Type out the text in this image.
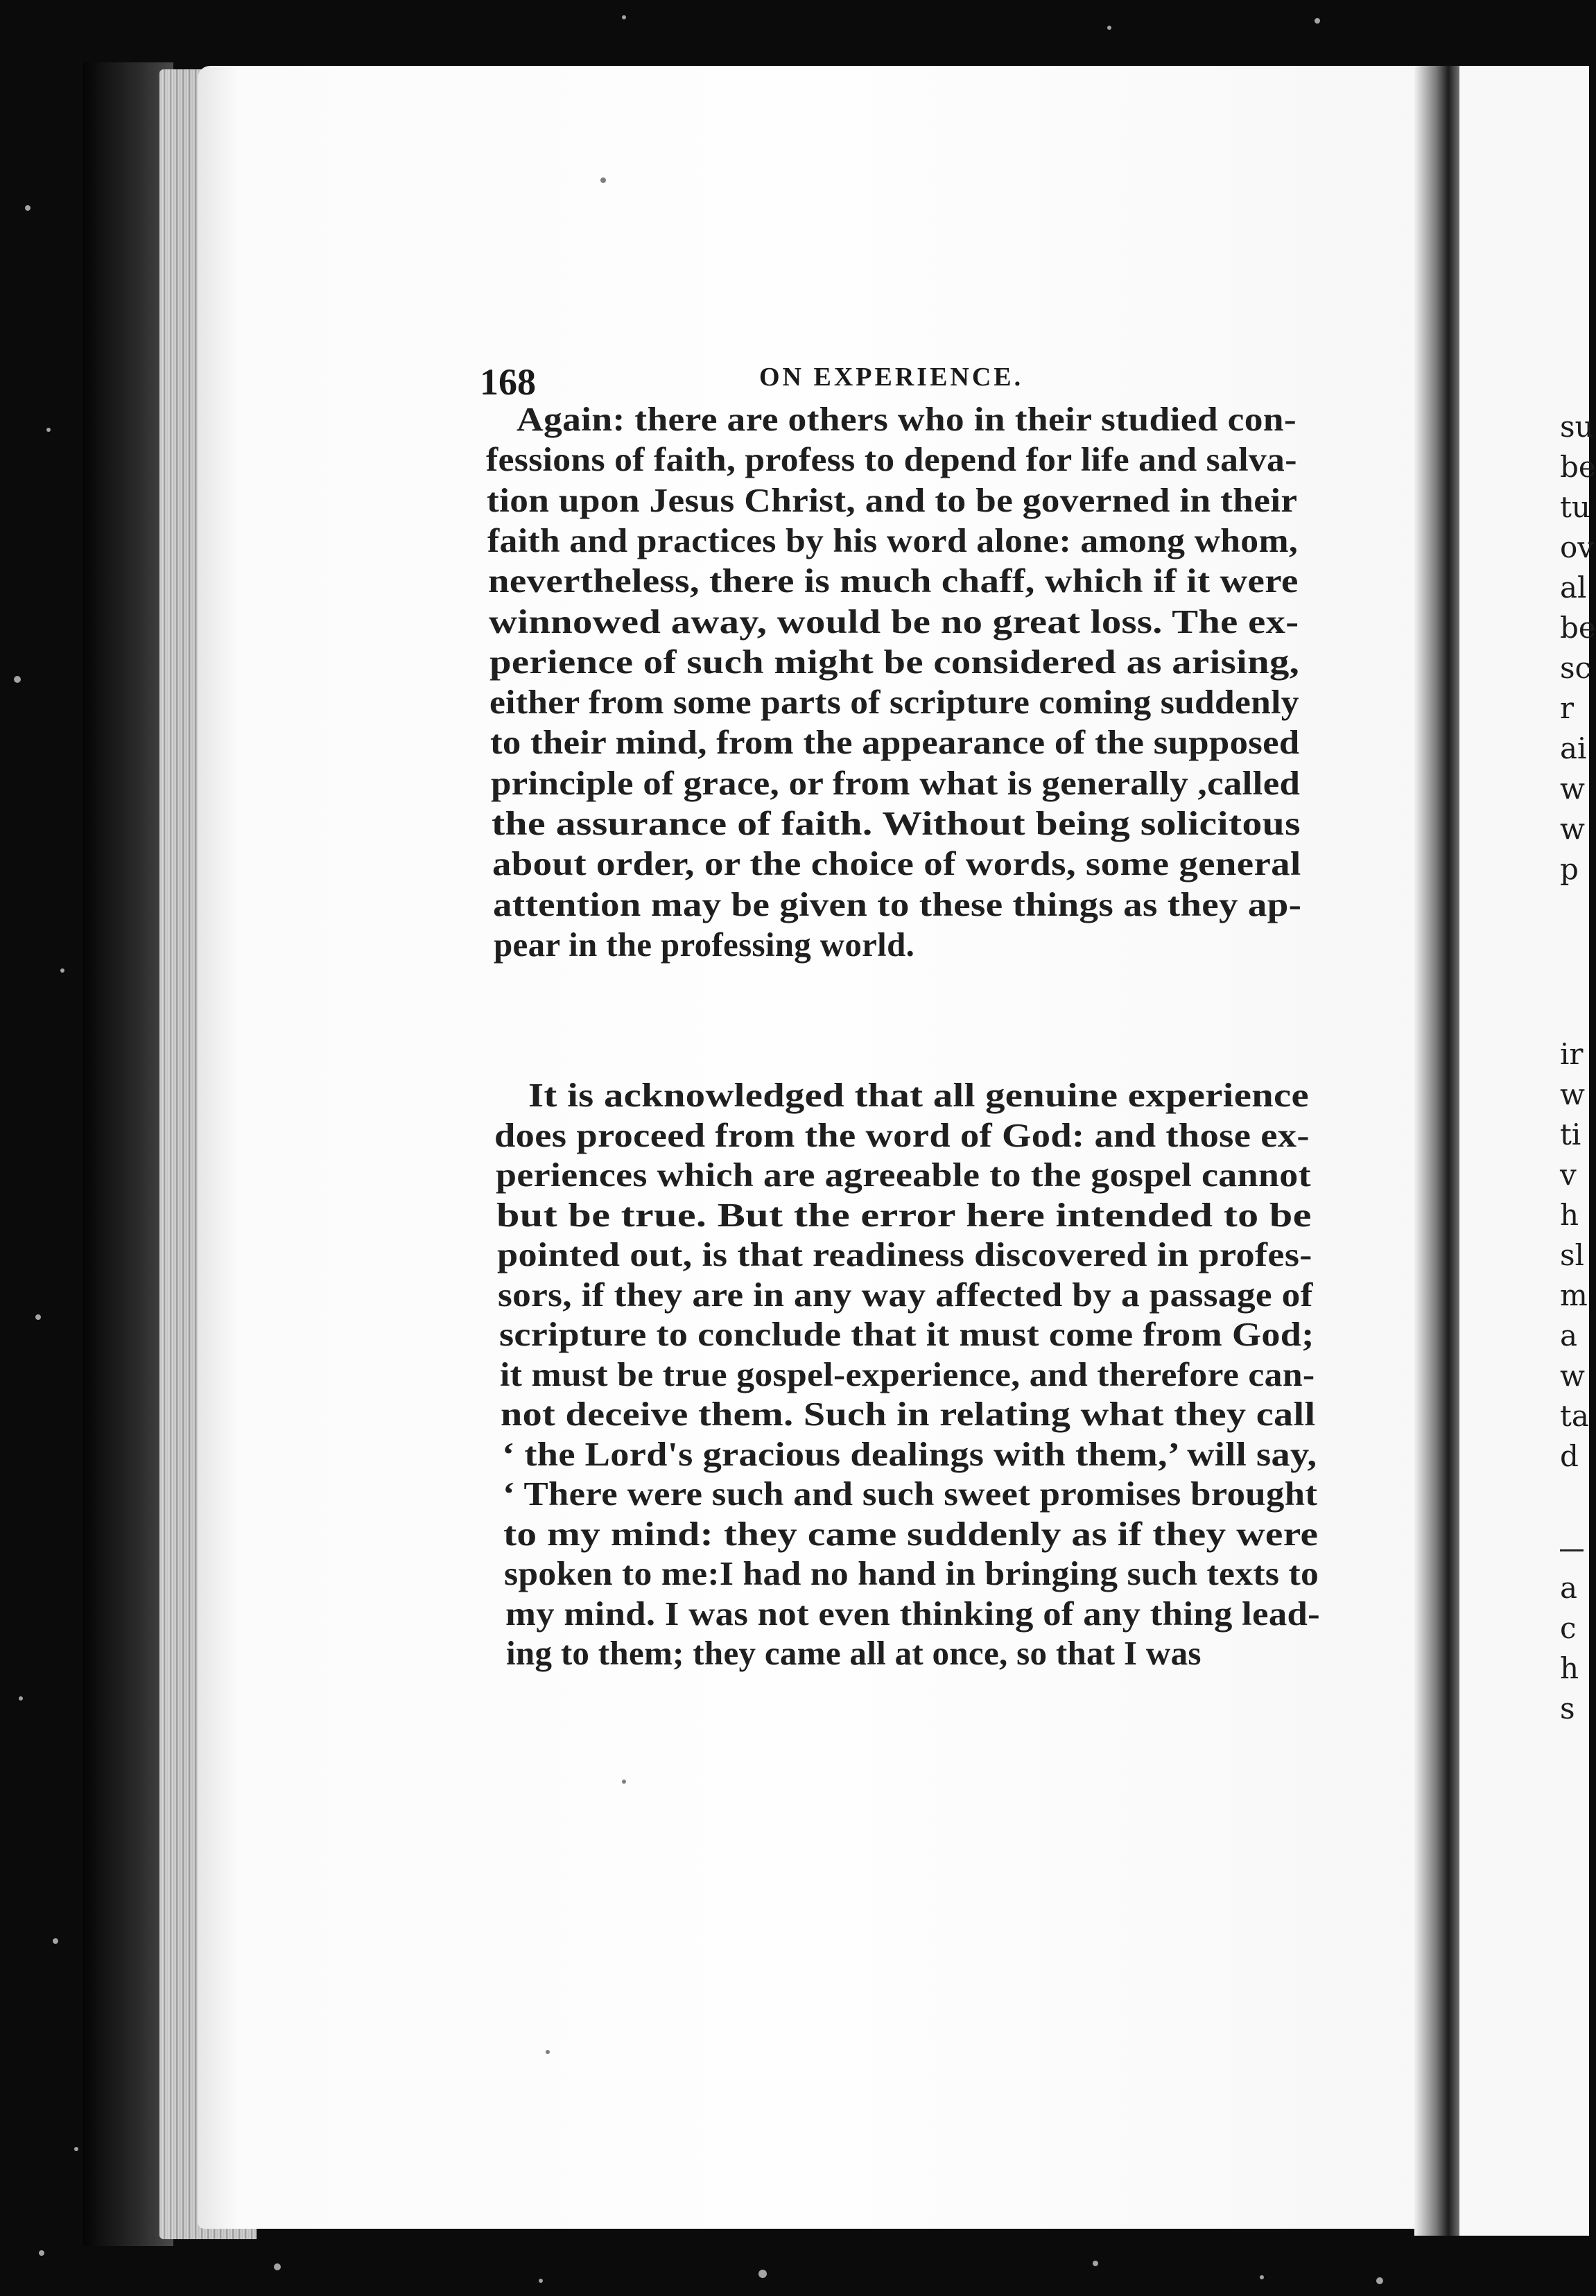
168	ON EXPERIENCE.
Again: there are others who in their studied con-
fessions of faith, profess to depend for life and salva-
tion upon Jesus Christ, and to be governed in their
faith and practices by his word alone: among whom,
nevertheless, there is much chaff, which if it were
winnowed away, would be no great loss. The ex-
perience of such might be considered as arising,
either from some parts of scripture coming suddenly
to their mind, from the appearance of the supposed
principle of grace, or from what is generally ,called
the assurance of faith. Without being solicitous
about order, or the choice of words, some general
attention may be given to these things as they ap-
pear in the professing world.
It is acknowledged that all genuine experience
does proceed from the word of God: and those ex-
periences which are agreeable to the gospel cannot
but be true. But the error here intended to be
pointed out, is that readiness discovered in profes-
sors, if they are in any way affected by a passage of
scripture to conclude that it must come from God;
it must be true gospel-experience, and therefore can-
not deceive them. Such in relating what they call
‘ the Lord's gracious dealings with them,’ will say,
‘ There were such and such sweet promises brought
to my mind: they came suddenly as if they were
spoken to me:I had no hand in bringing such texts to
my mind. I was not even thinking of any thing lead-
ing to them; they came all at once, so that I was
su
be
tu
ov
al
be
sc
r
ai
w
w
p
ir
w
ti
v
h
sl
m
a
w
ta
d
a
c
h
s
